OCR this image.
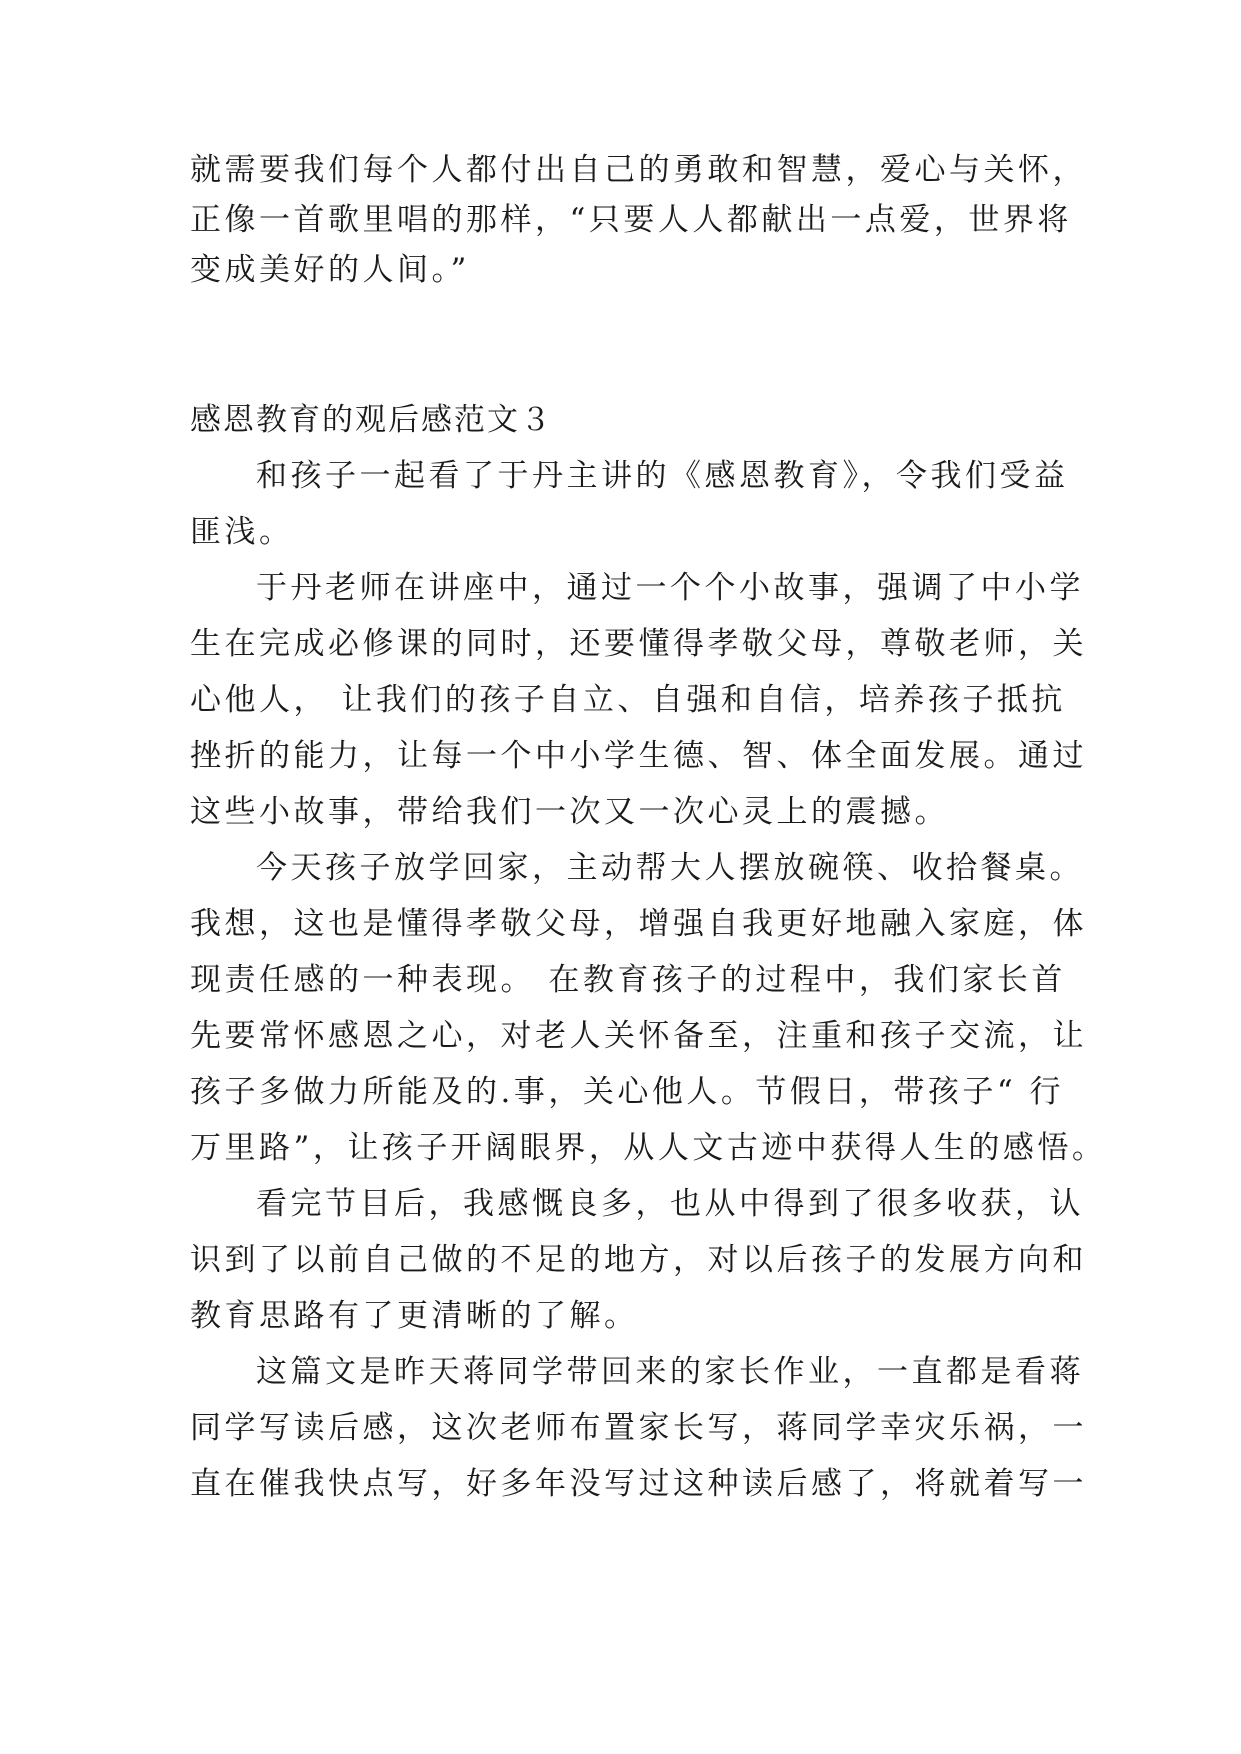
就需要我们每个人都付出自己的勇敢和智慧，爱心与关怀，
正像一首歌里唱的那样，“只要人人都献出一点爱，世界将
变成美好的人间。”
感恩教育的观后感范文３
和孩子一起看了于丹主讲的《感恩教育》，令我们受益
匪浅。
于丹老师在讲座中，通过一个个小故事，强调了中小学
生在完成必修课的同时，还要懂得孝敬父母，尊敬老师，关
心他人， 让我们的孩子自立、自强和自信，培养孩子抵抗
挫折的能力，让每一个中小学生德、智、体全面发展。通过
这些小故事，带给我们一次又一次心灵上的震撼。
今天孩子放学回家，主动帮大人摆放碗筷、收拾餐桌。
我想，这也是懂得孝敬父母，增强自我更好地融入家庭，体
现责任感的一种表现。 在教育孩子的过程中，我们家长首
先要常怀感恩之心，对老人关怀备至，注重和孩子交流，让
孩子多做力所能及的.事，关心他人。节假日，带孩子“ 行
万里路”，让孩子开阔眼界，从人文古迹中获得人生的感悟。
看完节目后，我感慨良多，也从中得到了很多收获，认
识到了以前自己做的不足的地方，对以后孩子的发展方向和
教育思路有了更清晰的了解。
这篇文是昨天蒋同学带回来的家长作业，一直都是看蒋
同学写读后感，这次老师布置家长写，蒋同学幸灾乐祸，一
直在催我快点写，好多年没写过这种读后感了，将就着写一
